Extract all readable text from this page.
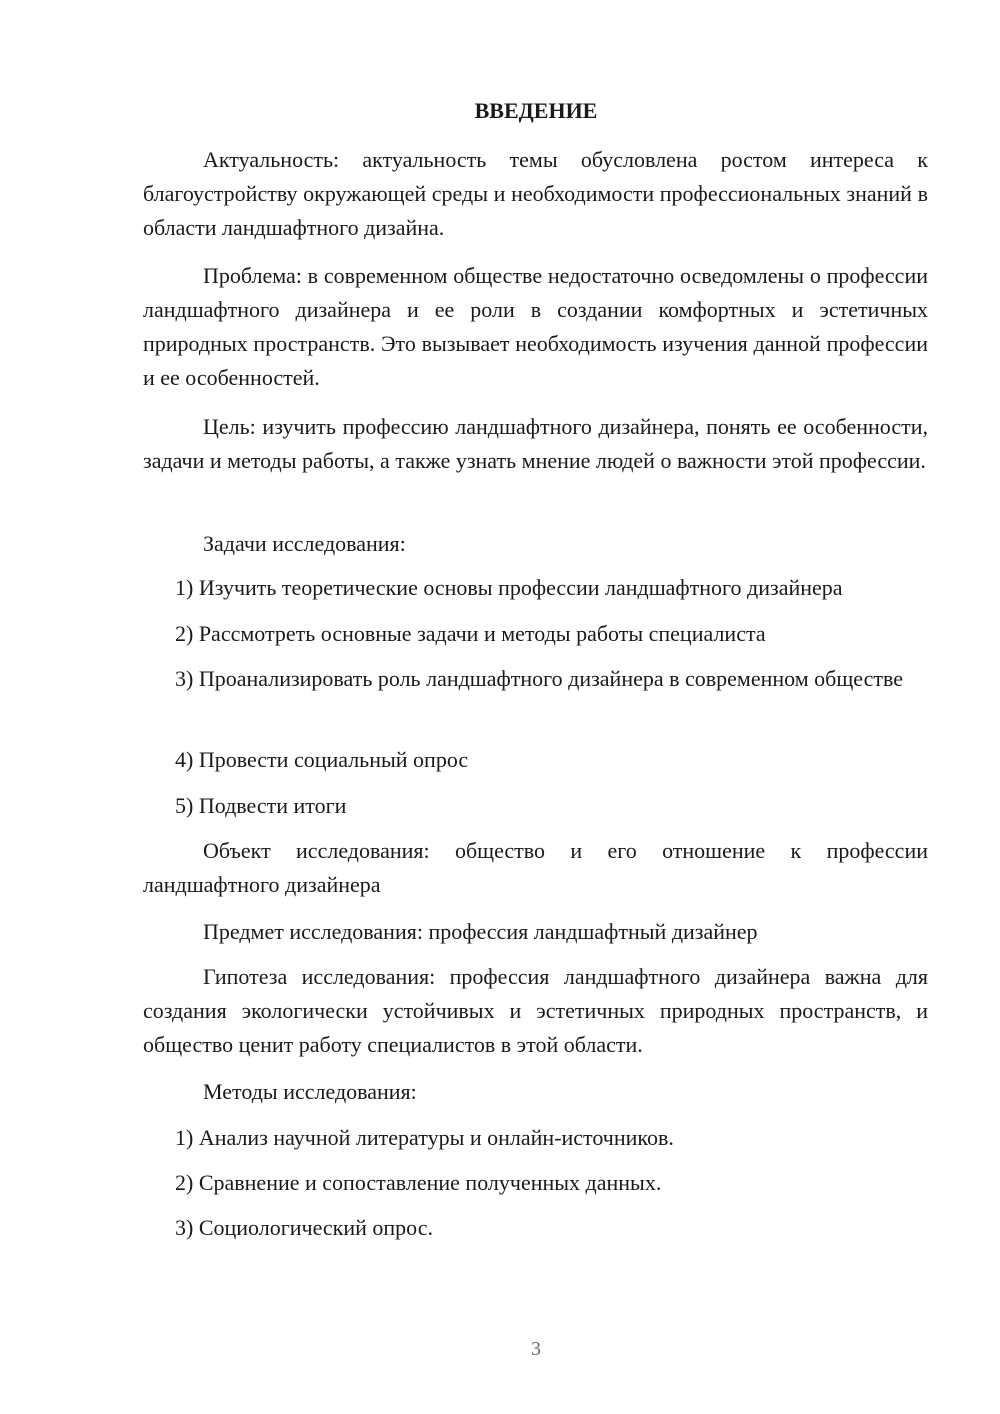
ВВЕДЕНИЕ

Актуальность: актуальность темы обусловлена ростом интереса к благоустройству окружающей среды и необходимости профессиональных знаний в области ландшафтного дизайна.

Проблема: в современном обществе недостаточно осведомлены о профессии ландшафтного дизайнера и ее роли в создании комфортных и эстетичных природных пространств. Это вызывает необходимость изучения данной профессии и ее особенностей.

Цель: изучить профессию ландшафтного дизайнера, понять ее особенности, задачи и методы работы, а также узнать мнение людей о важности этой профессии.

Задачи исследования:

1) Изучить теоретические основы профессии ландшафтного дизайнера

2) Рассмотреть основные задачи и методы работы специалиста

3) Проанализировать роль ландшафтного дизайнера в современном обществе

4) Провести социальный опрос

5) Подвести итоги

Объект исследования: общество и его отношение к профессии ландшафтного дизайнера

Предмет исследования: профессия ландшафтный дизайнер

Гипотеза исследования: профессия ландшафтного дизайнера важна для создания экологически устойчивых и эстетичных природных пространств, и общество ценит работу специалистов в этой области.

Методы исследования:

1) Анализ научной литературы и онлайн-источников.

2) Сравнение и сопоставление полученных данных.

3) Социологический опрос.

3
